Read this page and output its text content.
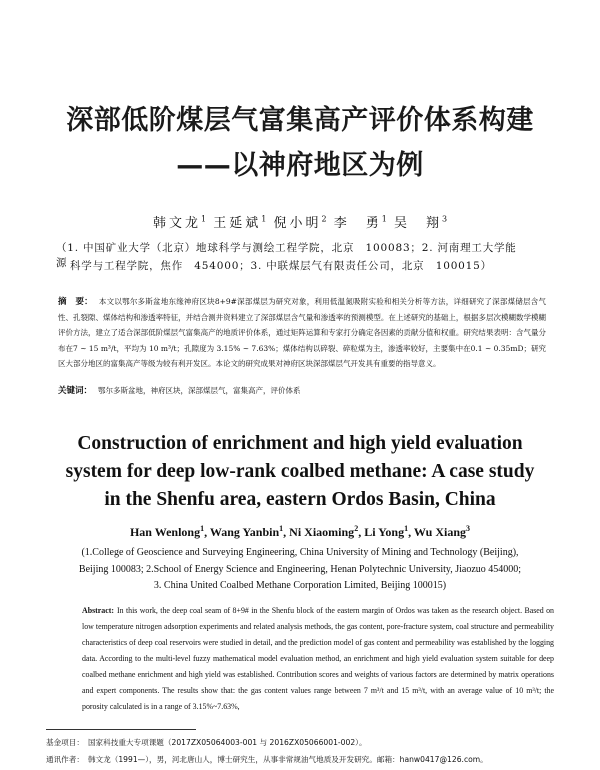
深部低阶煤层气富集高产评价体系构建
——以神府地区为例
韩文龙$^1$ 王延斌$^1$ 倪小明$^2$ 李　勇$^1$ 吴　翔$^3$
（1. 中国矿业大学（北京）地球科学与测绘工程学院，北京　100083；2. 河南理工大学能源 科学与工程学院，焦作　454000；3. 中联煤层气有限责任公司，北京　100015）
摘　要： 本文以鄂尔多斯盆地东缘神府区块8+9#深部煤层为研究对象，利用低温氮吸附实验和相关分析等方法，详细研究了深部煤储层含气性、孔裂隙、煤体结构和渗透率特征，并结合测井资料建立了深部煤层含气量和渗透率的预测模型。在上述研究的基础上，根据多层次模糊数学模糊评价方法，建立了适合深部低阶煤层气富集高产的地质评价体系，通过矩阵运算和专家打分确定各因素的贡献分值和权重。研究结果表明：含气量分布在7 ~ 15 m³/t，平均为 10 m³/t；孔隙度为 3.15% ~ 7.63%；煤体结构以碎裂、碎粒煤为主，渗透率较好，主要集中在0.1 ~ 0.35mD；研究区大部分地区的富集高产等级为较有利开发区。本论文的研究成果对神府区块深部煤层气开发具有重要的指导意义。
关键词： 鄂尔多斯盆地，神府区块，深部煤层气，富集高产，评价体系
Construction of enrichment and high yield evaluation
system for deep low-rank coalbed methane: A case study
in the Shenfu area, eastern Ordos Basin, China
Han Wenlong$^1$, Wang Yanbin$^1$, Ni Xiaoming$^2$, Li Yong$^1$, Wu Xiang$^3$
(1.College of Geoscience and Surveying Engineering, China University of Mining and Technology (Beijing),
Beijing 100083; 2.School of Energy Science and Engineering, Henan Polytechnic University, Jiaozuo 454000;
3. China United Coalbed Methane Corporation Limited, Beijing 100015)
Abstract: In this work, the deep coal seam of 8+9# in the Shenfu block of the eastern margin of Ordos was taken as the research object. Based on low temperature nitrogen adsorption experiments and related analysis methods, the gas content, pore-fracture system, coal structure and permeability characteristics of deep coal reservoirs were studied in detail, and the prediction model of gas content and permeability was established by the logging data. According to the multi-level fuzzy mathematical model evaluation method, an enrichment and high yield evaluation system suitable for deep coalbed methane enrichment and high yield was established. Contribution scores and weights of various factors are determined by matrix operations and expert components. The results show that: the gas content values range between 7 m³/t and 15 m³/t, with an average value of 10 m³/t; the porosity calculated is in a range of 3.15%~7.63%,
基金项目： 国家科技重大专项课题（2017ZX05064003-001 与 2016ZX05066001-002）。
通讯作者： 韩文龙（1991—），男，河北唐山人，博士研究生，从事非常规油气地质及开发研究。邮箱：hanw0417@126.com。
